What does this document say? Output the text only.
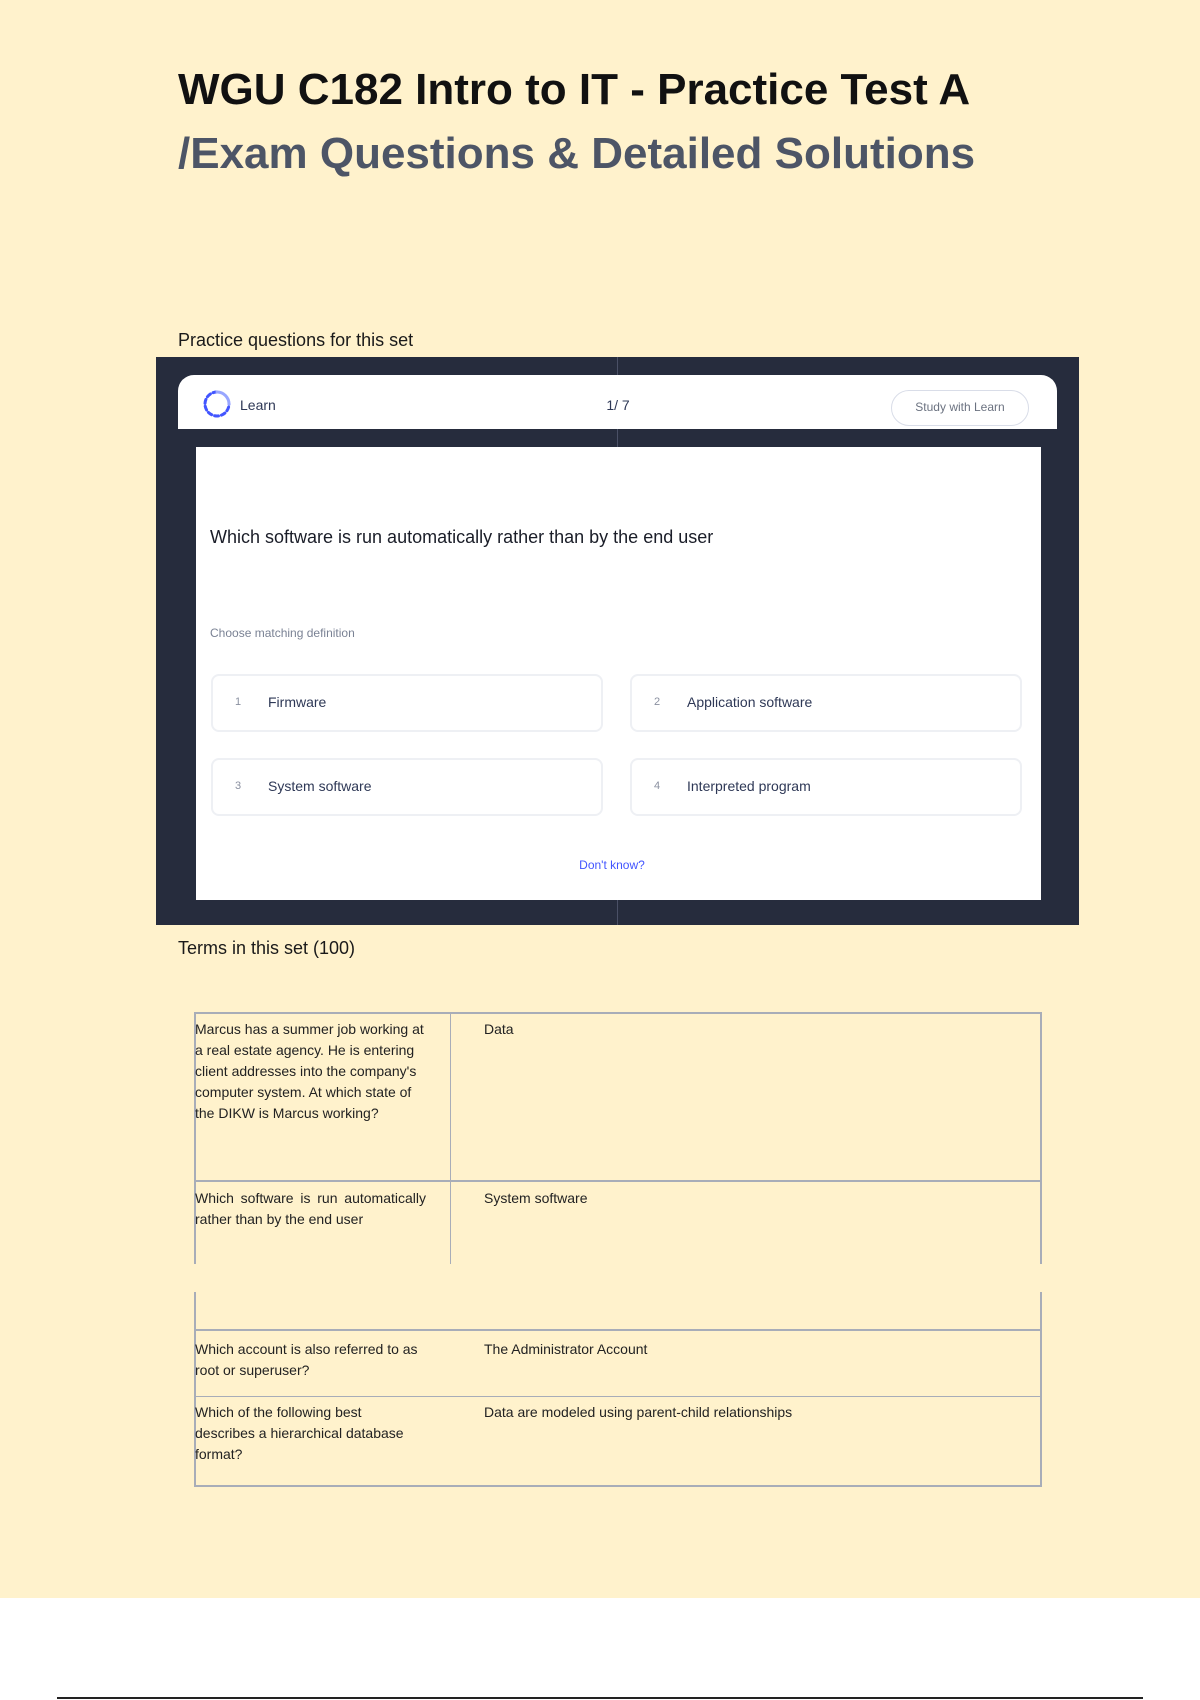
WGU C182 Intro to IT - Practice Test A /Exam Questions & Detailed Solutions
Practice questions for this set
Learn	1/ 7	Study with Learn
Which software is run automatically rather than by the end user
Choose matching definition
1 Firmware	2 Application software
3 System software	4 Interpreted program
Don't know?
Terms in this set (100)
Marcus has a summer job working at a real estate agency. He is entering client addresses into the company's computer system. At which state of the DIKW is Marcus working?
Data
Which software is run automatically rather than by the end user
System software
Which account is also referred to as root or superuser?
The Administrator Account
Which of the following best describes a hierarchical database format?
Data are modeled using parent-child relationships
